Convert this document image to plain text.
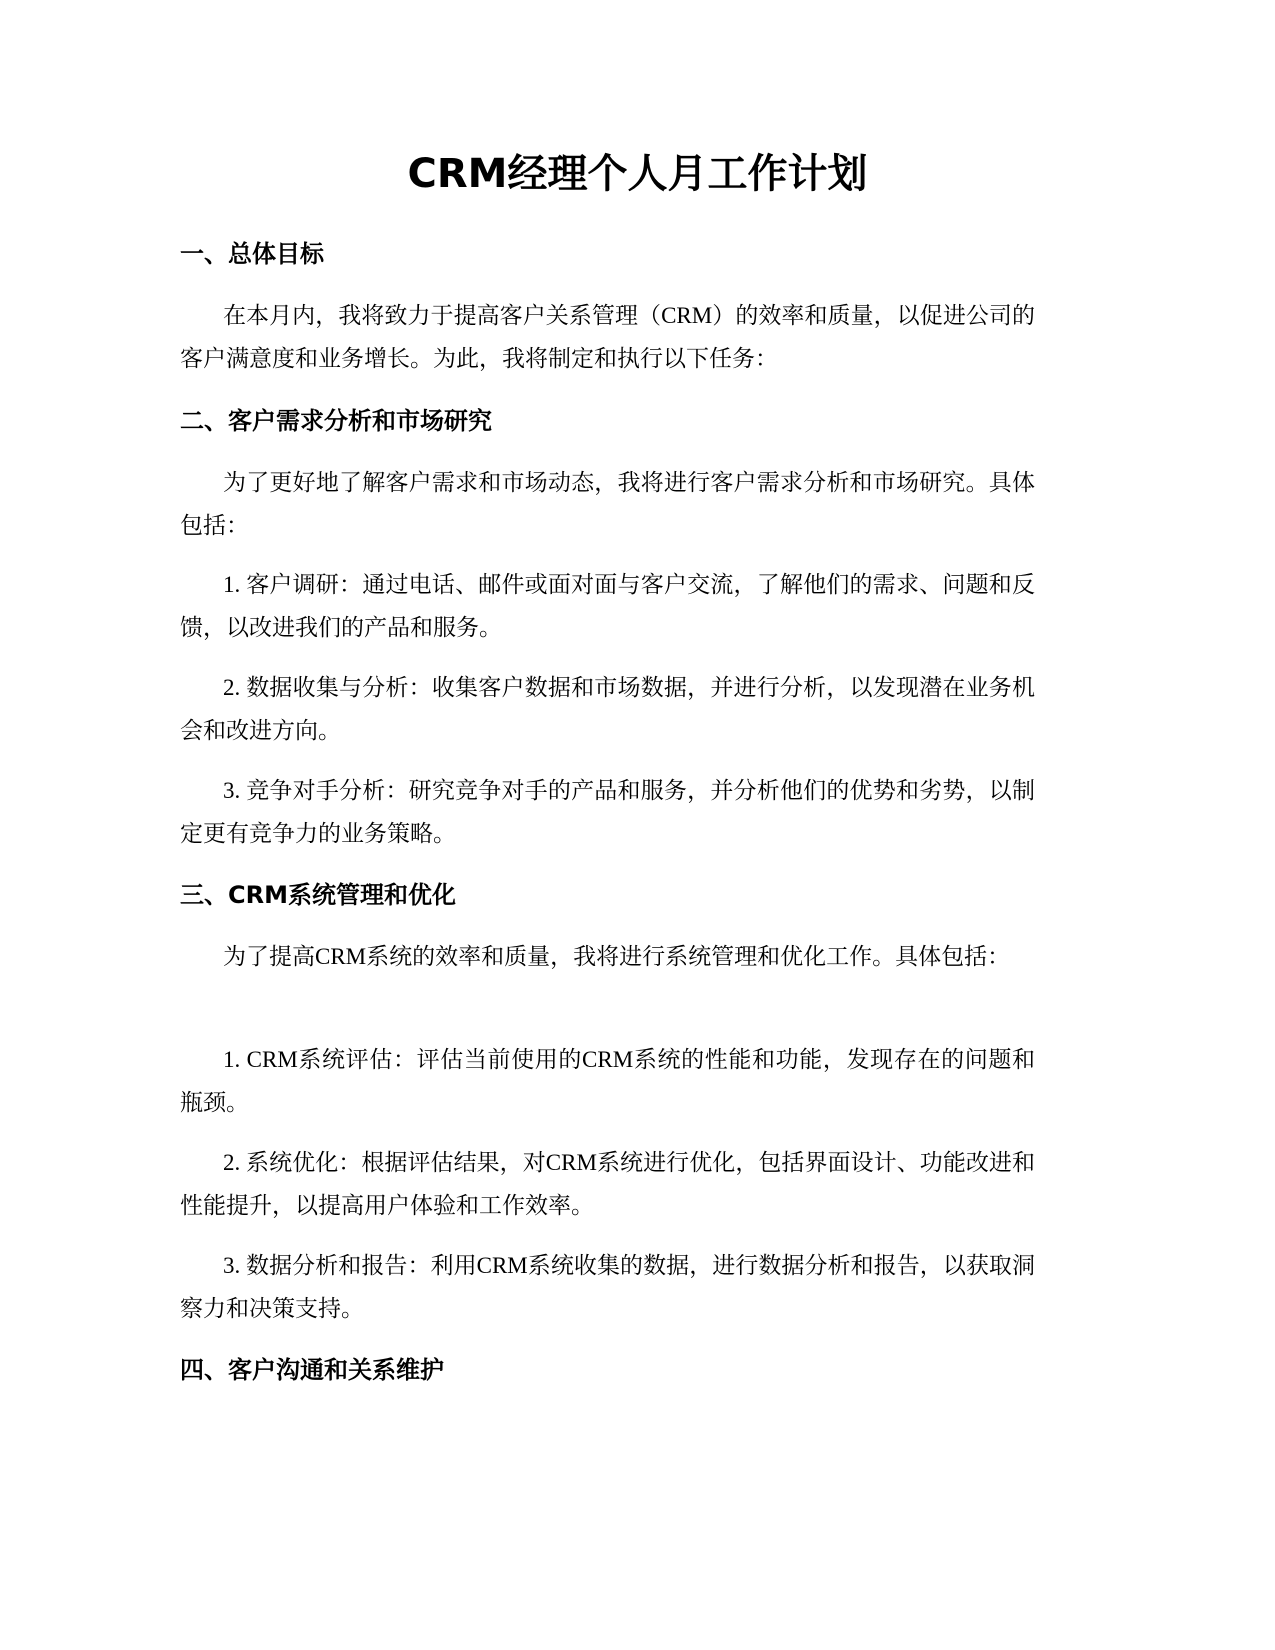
CRM经理个人月工作计划
一、总体目标

在本月内，我将致力于提高客户关系管理（CRM）的效率和质量，以促进公司的客户满意度和业务增长。为此，我将制定和执行以下任务：

二、客户需求分析和市场研究

为了更好地了解客户需求和市场动态，我将进行客户需求分析和市场研究。具体包括：

1. 客户调研：通过电话、邮件或面对面与客户交流，了解他们的需求、问题和反馈，以改进我们的产品和服务。

2. 数据收集与分析：收集客户数据和市场数据，并进行分析，以发现潜在业务机会和改进方向。

3. 竞争对手分析：研究竞争对手的产品和服务，并分析他们的优势和劣势，以制定更有竞争力的业务策略。

三、CRM系统管理和优化

为了提高CRM系统的效率和质量，我将进行系统管理和优化工作。具体包括：

1. CRM系统评估：评估当前使用的CRM系统的性能和功能，发现存在的问题和瓶颈。

2. 系统优化：根据评估结果，对CRM系统进行优化，包括界面设计、功能改进和性能提升，以提高用户体验和工作效率。

3. 数据分析和报告：利用CRM系统收集的数据，进行数据分析和报告，以获取洞察力和决策支持。

四、客户沟通和关系维护
